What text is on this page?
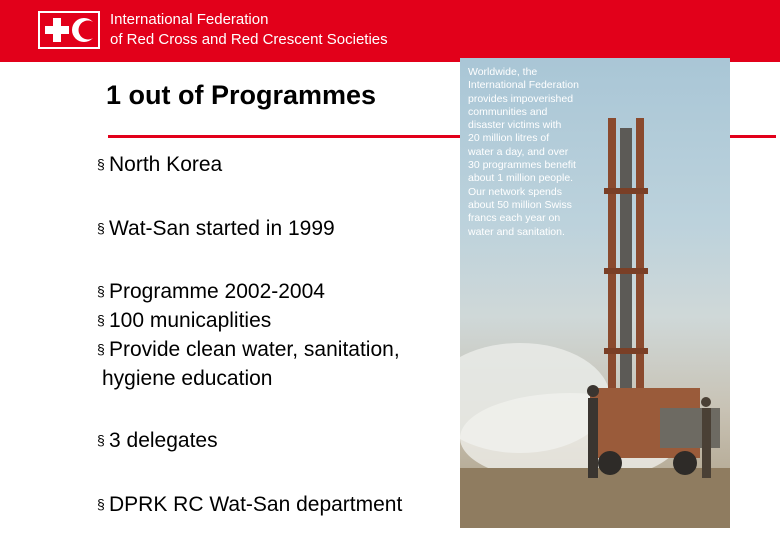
International Federation
of Red Cross and Red Crescent Societies
1 out of Programmes
§ North Korea
§ Wat-San started in 1999
§ Programme 2002-2004
§ 100 municaplities
§ Provide clean water, sanitation,
hygiene education
§ 3 delegates
§ DPRK RC Wat-San department
Worldwide, the
International Federation
provides impoverished
communities and
disaster victims with
20 million litres of
water a day, and over
30 programmes benefit
about 1 million people.
Our network spends
about 50 million Swiss
francs each year on
water and sanitation.
